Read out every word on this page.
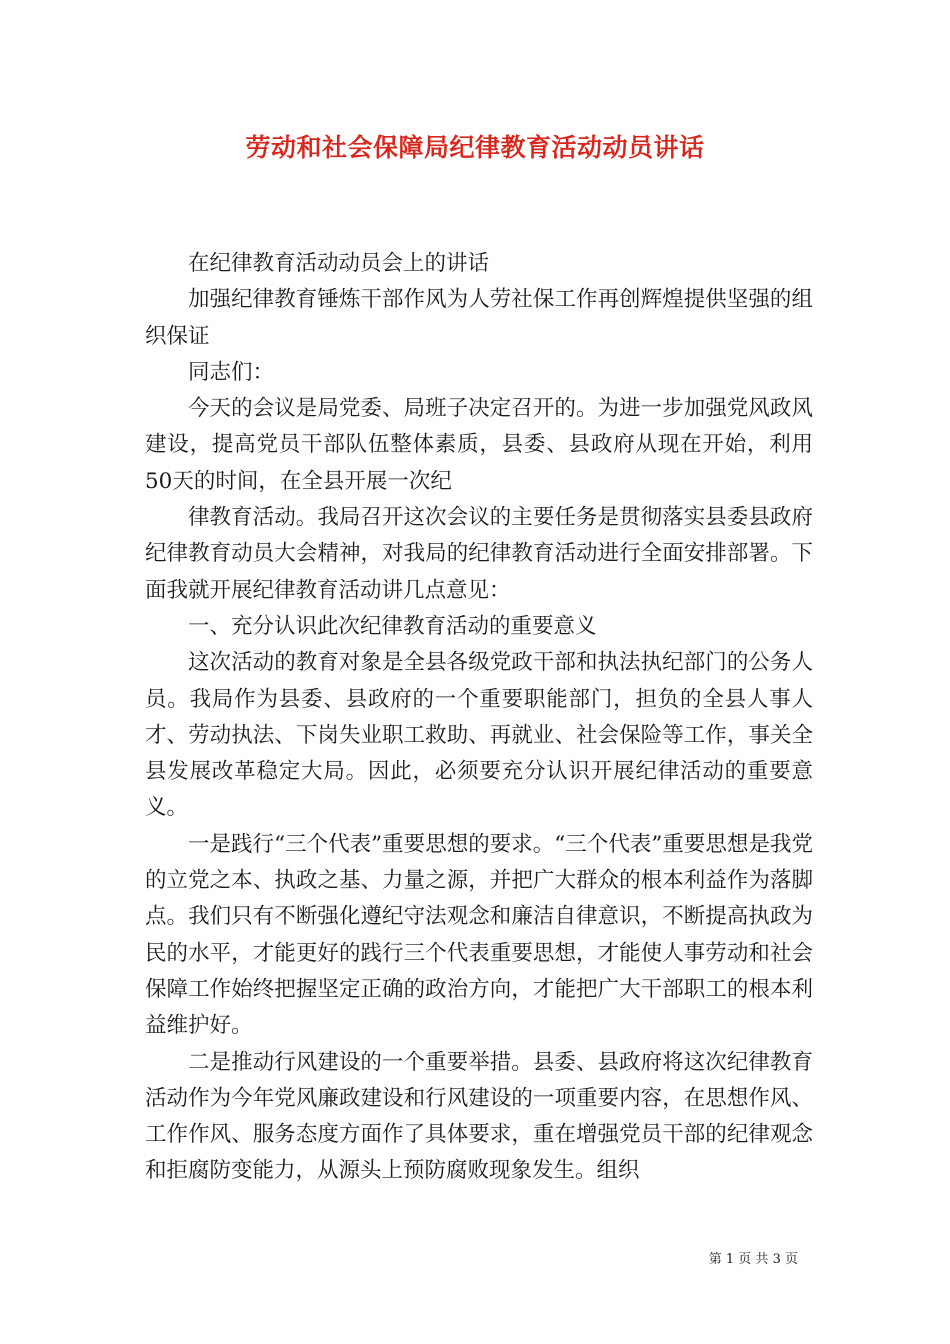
劳动和社会保障局纪律教育活动动员讲话

在纪律教育活动动员会上的讲话

加强纪律教育锤炼干部作风为人劳社保工作再创辉煌提供坚强的组织保证

同志们：

今天的会议是局党委、局班子决定召开的。为进一步加强党风政风建设，提高党员干部队伍整体素质，县委、县政府从现在开始，利用50天的时间，在全县开展一次纪

律教育活动。我局召开这次会议的主要任务是贯彻落实县委县政府纪律教育动员大会精神，对我局的纪律教育活动进行全面安排部署。下面我就开展纪律教育活动讲几点意见：

一、充分认识此次纪律教育活动的重要意义

这次活动的教育对象是全县各级党政干部和执法执纪部门的公务人员。我局作为县委、县政府的一个重要职能部门，担负的全县人事人才、劳动执法、下岗失业职工救助、再就业、社会保险等工作，事关全县发展改革稳定大局。因此，必须要充分认识开展纪律活动的重要意义。

一是践行“三个代表”重要思想的要求。“三个代表”重要思想是我党的立党之本、执政之基、力量之源，并把广大群众的根本利益作为落脚点。我们只有不断强化遵纪守法观念和廉洁自律意识，不断提高执政为民的水平，才能更好的践行三个代表重要思想，才能使人事劳动和社会保障工作始终把握坚定正确的政治方向，才能把广大干部职工的根本利益维护好。

二是推动行风建设的一个重要举措。县委、县政府将这次纪律教育活动作为今年党风廉政建设和行风建设的一项重要内容，在思想作风、工作作风、服务态度方面作了具体要求，重在增强党员干部的纪律观念和拒腐防变能力，从源头上预防腐败现象发生。组织

第 1 页 共 3 页
